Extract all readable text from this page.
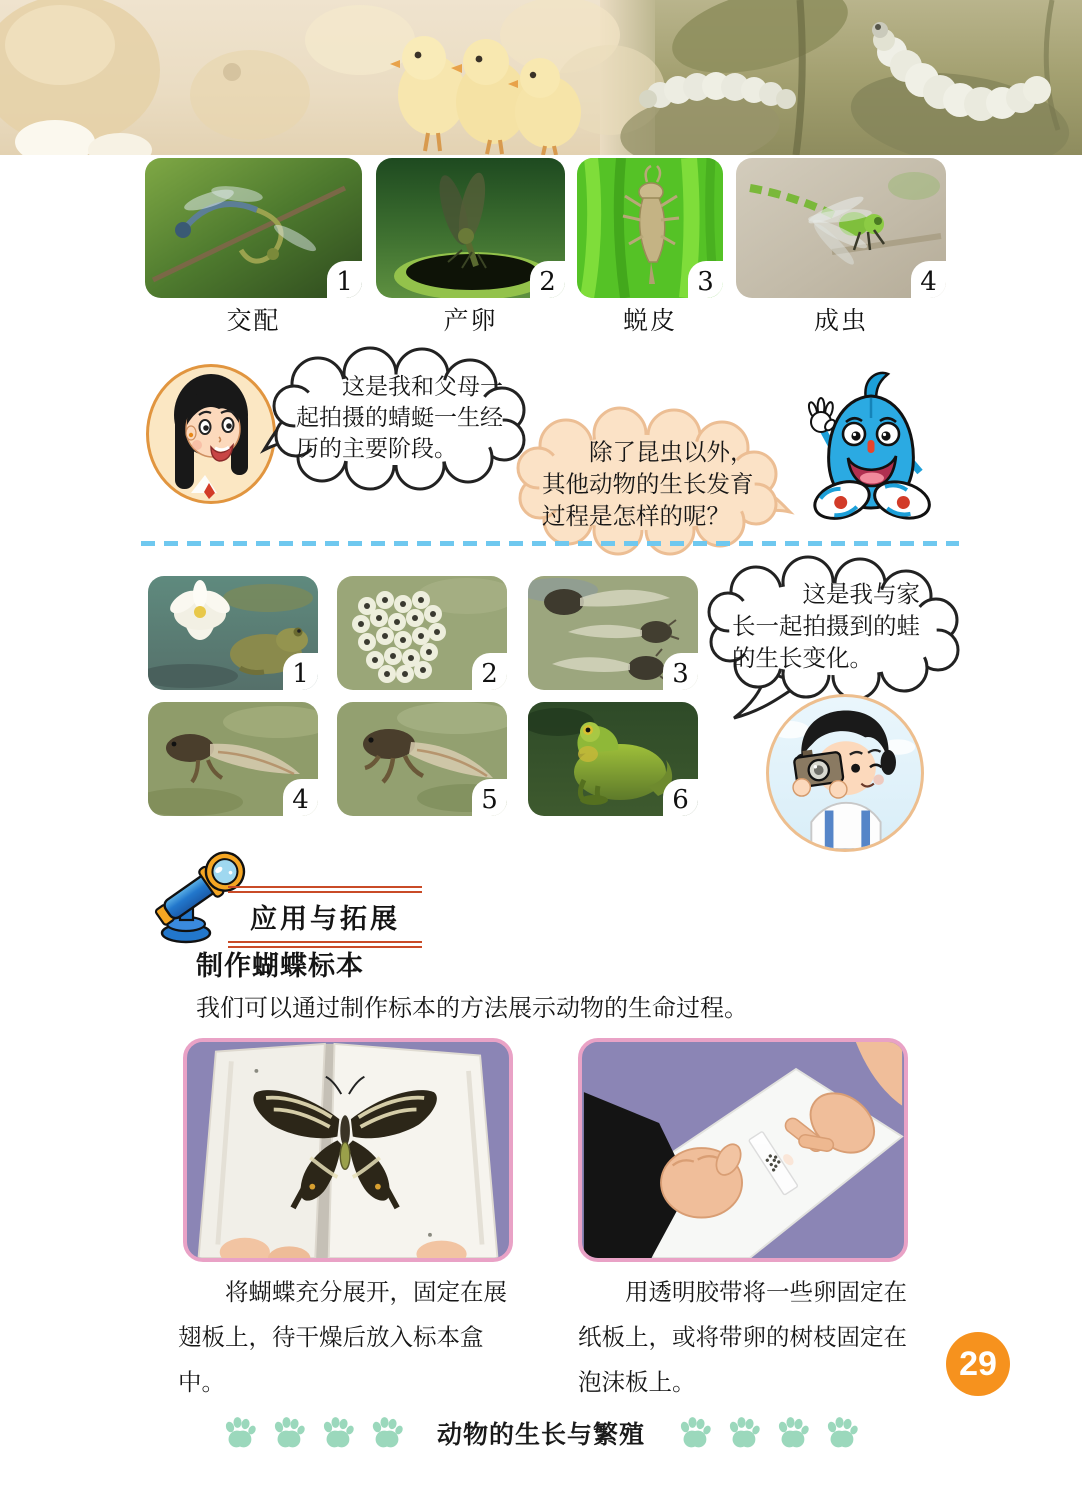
1	2	3	4
交配	产卵	蜕皮	成虫
这是我和父母一起拍摄的蜻蜓一生经历的主要阶段。	除了昆虫以外，其他动物的生长发育过程是怎样的呢？
1	2	3
4	5	6
这是我与家长一起拍摄到的蛙的生长变化。
应用与拓展
制作蝴蝶标本
我们可以通过制作标本的方法展示动物的生命过程。
将蝴蝶充分展开，固定在展翅板上，待干燥后放入标本盒中。
用透明胶带将一些卵固定在纸板上，或将带卵的树枝固定在泡沫板上。	29
动物的生长与繁殖
